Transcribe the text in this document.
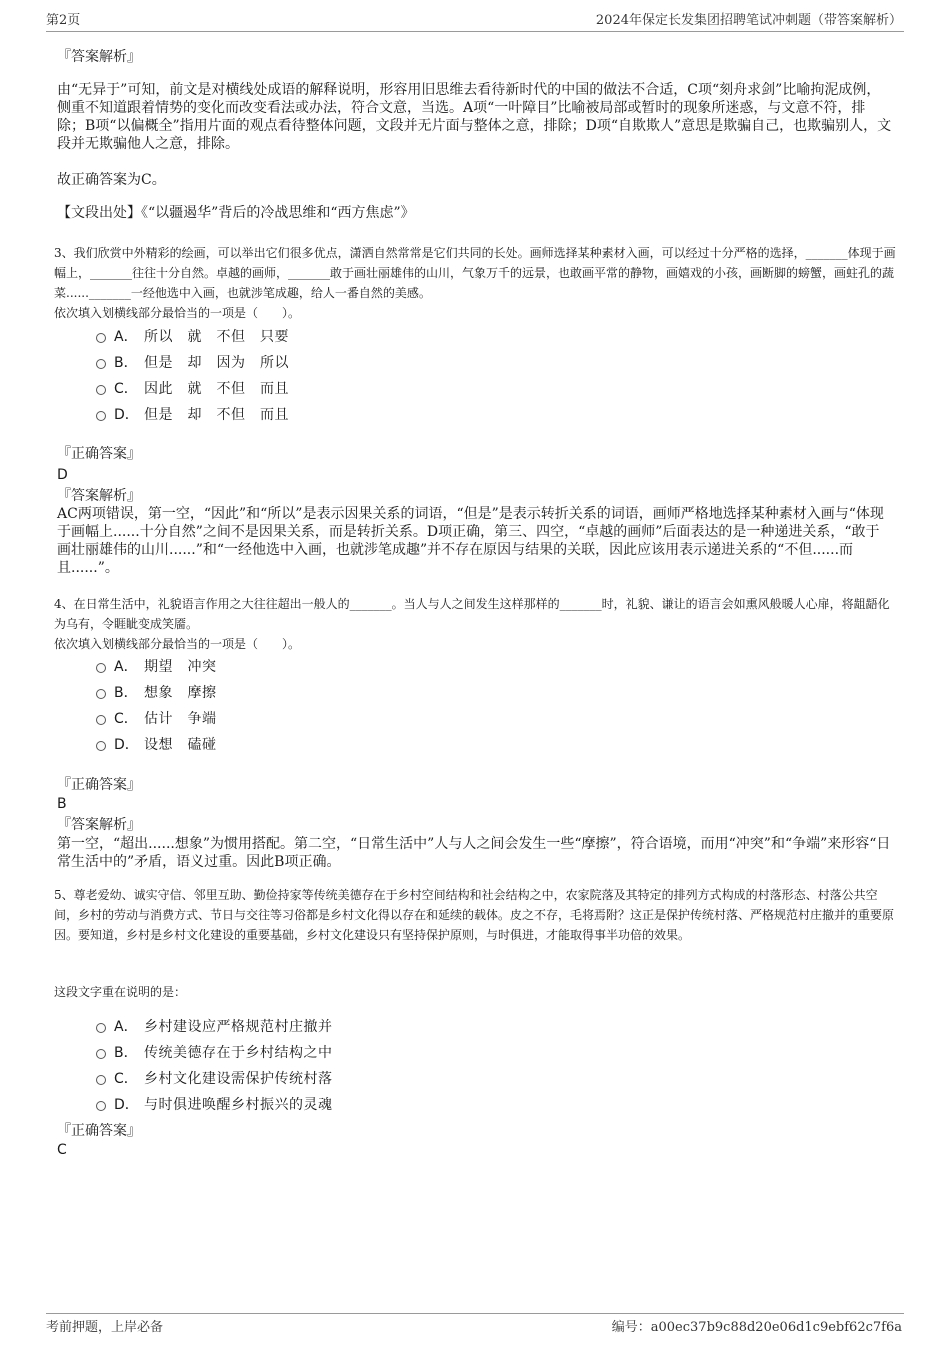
第2页	2024年保定长发集团招聘笔试冲刺题（带答案解析）
『答案解析』
由“无异于”可知，前文是对横线处成语的解释说明，形容用旧思维去看待新时代的中国的做法不合适，C项“刻舟求剑”比喻拘泥成例，侧重不知道跟着情势的变化而改变看法或办法，符合文意，当选。A项“一叶障目”比喻被局部或暂时的现象所迷惑，与文意不符，排除；B项“以偏概全”指用片面的观点看待整体问题，文段并无片面与整体之意，排除；D项“自欺欺人”意思是欺骗自己，也欺骗别人，文段并无欺骗他人之意，排除。
故正确答案为C。
【文段出处】《“以疆遏华”背后的冷战思维和“西方焦虑”》
3、我们欣赏中外精彩的绘画，可以举出它们很多优点，潇洒自然常常是它们共同的长处。画师选择某种素材入画，可以经过十分严格的选择，_______体现于画幅上，_______往往十分自然。卓越的画师，_______敢于画壮丽雄伟的山川，气象万千的远景，也敢画平常的静物，画嬉戏的小孩，画断脚的螃蟹，画蛀孔的蔬菜......_______一经他选中入画，也就涉笔成趣，给人一番自然的美感。
依次填入划横线部分最恰当的一项是（　　）。
A． 所以　就　不但　只要
B． 但是　却　因为　所以
C． 因此　就　不但　而且
D． 但是　却　不但　而且
『正确答案』
D
『答案解析』
AC两项错误，第一空，“因此”和“所以”是表示因果关系的词语，“但是”是表示转折关系的词语，画师严格地选择某种素材入画与“体现于画幅上......十分自然”之间不是因果关系，而是转折关系。D项正确，第三、四空，“卓越的画师”后面表达的是一种递进关系，“敢于画壮丽雄伟的山川......”和“一经他选中入画，也就涉笔成趣”并不存在原因与结果的关联，因此应该用表示递进关系的“不但......而且......”。
4、在日常生活中，礼貌语言作用之大往往超出一般人的_______。当人与人之间发生这样那样的_______时，礼貌、谦让的语言会如熏风般暖人心扉，将龃龉化为乌有，令睚眦变成笑靥。
依次填入划横线部分最恰当的一项是（　　）。
A． 期望　冲突
B． 想象　摩擦
C． 估计　争端
D． 设想　磕碰
『正确答案』
B
『答案解析』
第一空，“超出......想象”为惯用搭配。第二空，“日常生活中”人与人之间会发生一些“摩擦”，符合语境，而用“冲突”和“争端”来形容“日常生活中的”矛盾，语义过重。因此B项正确。
5、尊老爱幼、诚实守信、邻里互助、勤俭持家等传统美德存在于乡村空间结构和社会结构之中，农家院落及其特定的排列方式构成的村落形态、村落公共空间，乡村的劳动与消费方式、节日与交往等习俗都是乡村文化得以存在和延续的载体。皮之不存，毛将焉附？这正是保护传统村落、严格规范村庄撤并的重要原因。要知道，乡村是乡村文化建设的重要基础，乡村文化建设只有坚持保护原则，与时俱进，才能取得事半功倍的效果。
这段文字重在说明的是：
A． 乡村建设应严格规范村庄撤并
B． 传统美德存在于乡村结构之中
C． 乡村文化建设需保护传统村落
D． 与时俱进唤醒乡村振兴的灵魂
『正确答案』
C
考前押题，上岸必备	编号：a00ec37b9c88d20e06d1c9ebf62c7f6a
